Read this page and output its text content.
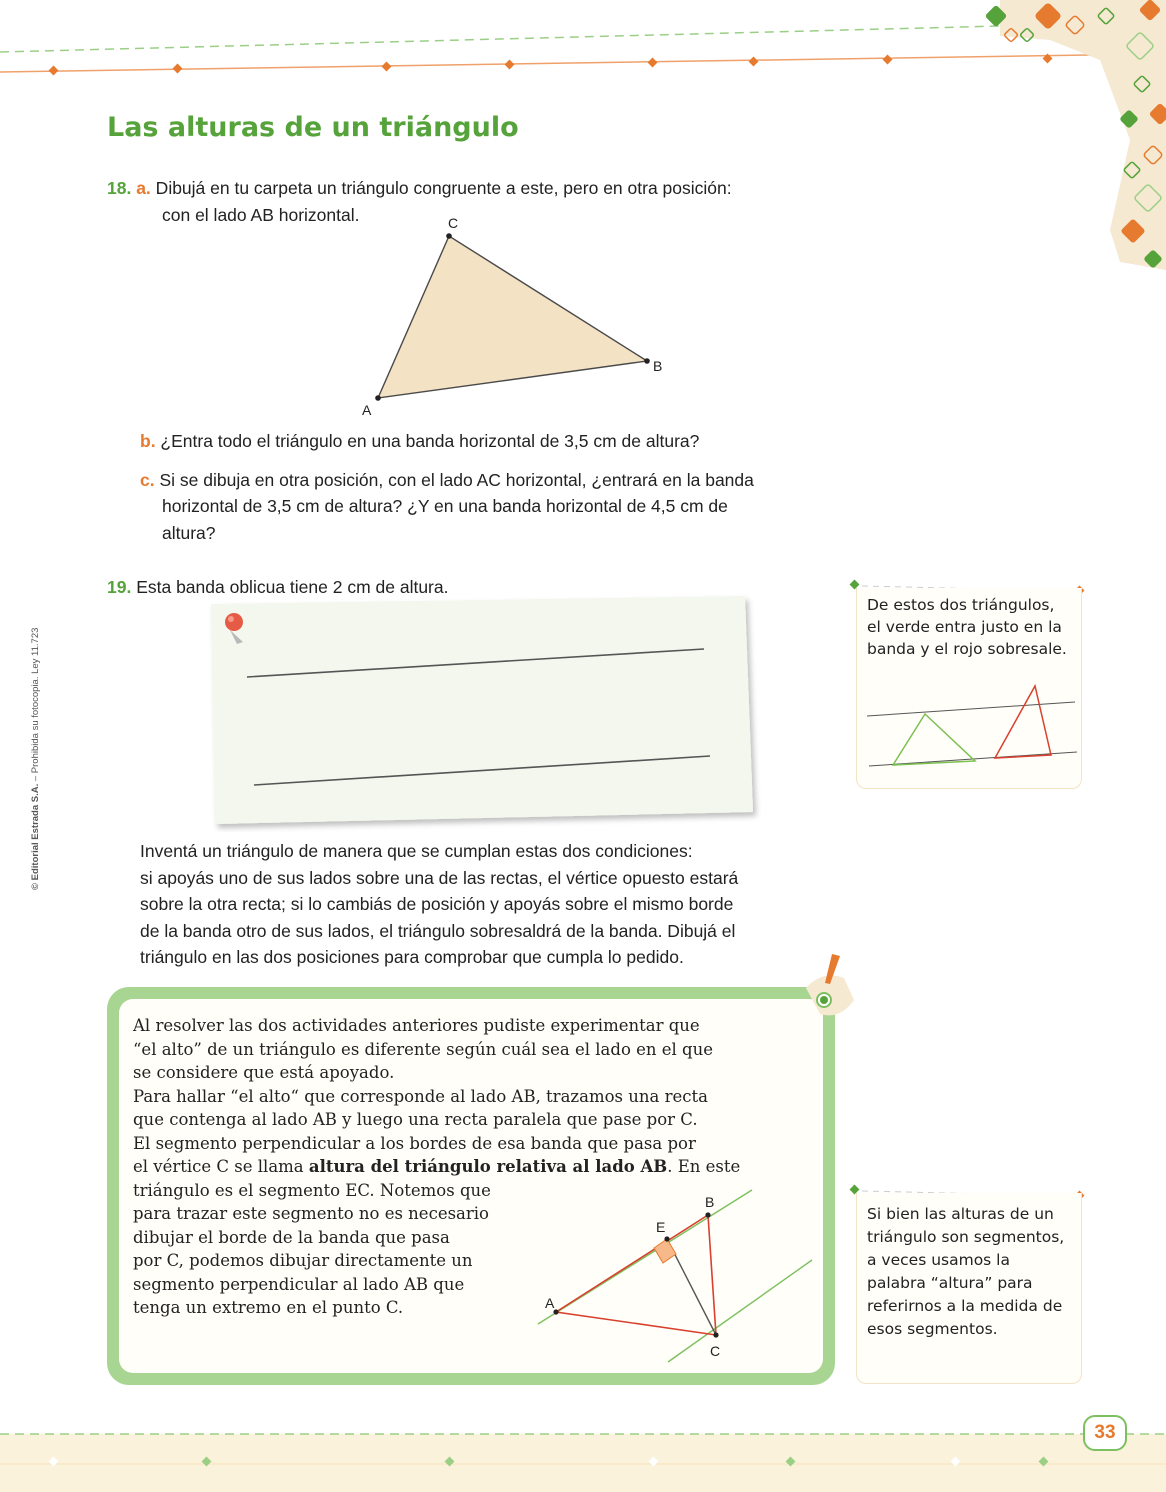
© Editorial Estrada S.A. – Prohibida su fotocopia. Ley 11.723
Las alturas de un triángulo
18. a. Dibujá en tu carpeta un triángulo congruente a este, pero en otra posición:
con el lado AB horizontal.
A
C
B
b. ¿Entra todo el triángulo en una banda horizontal de 3,5 cm de altura?
c. Si se dibuja en otra posición, con el lado AC horizontal, ¿entrará en la banda
horizontal de 3,5 cm de altura? ¿Y en una banda horizontal de 4,5 cm de
altura?
19. Esta banda oblicua tiene 2 cm de altura.
Inventá un triángulo de manera que se cumplan estas dos condiciones:
si apoyás uno de sus lados sobre una de las rectas, el vértice opuesto estará
sobre la otra recta; si lo cambiás de posición y apoyás sobre el mismo borde
de la banda otro de sus lados, el triángulo sobresaldrá de la banda. Dibujá el
triángulo en las dos posiciones para comprobar que cumpla lo pedido.
De estos dos triángulos,
el verde entra justo en la
banda y el rojo sobresale.
Al resolver las dos actividades anteriores pudiste experimentar que
“el alto” de un triángulo es diferente según cuál sea el lado en el que
se considere que está apoyado.
Para hallar “el alto“ que corresponde al lado AB, trazamos una recta
que contenga al lado AB y luego una recta paralela que pase por C.
El segmento perpendicular a los bordes de esa banda que pasa por
el vértice C se llama altura del triángulo relativa al lado AB. En este
triángulo es el segmento EC. Notemos que
para trazar este segmento no es necesario
dibujar el borde de la banda que pasa
por C, podemos dibujar directamente un
segmento perpendicular al lado AB que
tenga un extremo en el punto C.	A
B
C
E
Si bien las alturas de un
triángulo son segmentos,
a veces usamos la
palabra “altura” para
referirnos a la medida de
esos segmentos.
33
